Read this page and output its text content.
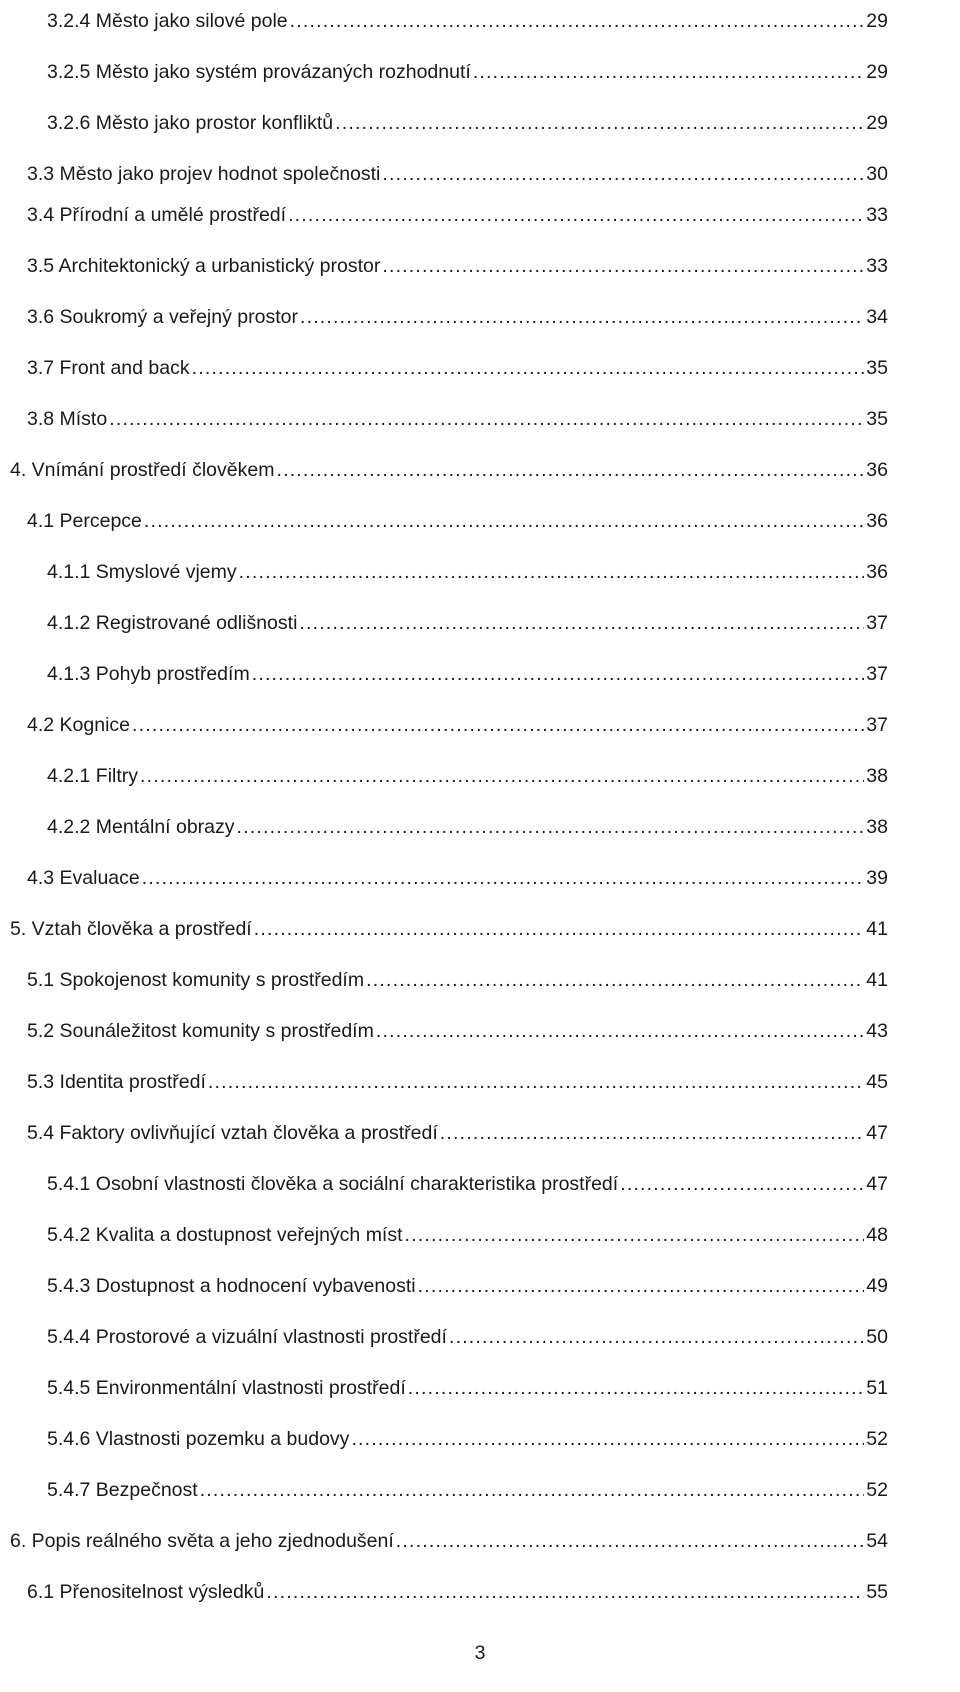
3.2.4 Město jako silové pole .....	29
3.2.5 Město jako systém provázaných rozhodnutí .....	29
3.2.6 Město jako prostor konfliktů .....	29
3.3 Město jako projev hodnot společnosti .....	30
3.4 Přírodní a umělé prostředí .....	33
3.5 Architektonický a urbanistický prostor .....	33
3.6 Soukromý a veřejný prostor .....	34
3.7 Front and back .....	35
3.8 Místo .....	35
4. Vnímání prostředí člověkem .....	36
4.1 Percepce .....	36
4.1.1 Smyslové vjemy .....	36
4.1.2 Registrované odlišnosti .....	37
4.1.3 Pohyb prostředím .....	37
4.2 Kognice .....	37
4.2.1 Filtry .....	38
4.2.2 Mentální obrazy .....	38
4.3 Evaluace .....	39
5. Vztah člověka a prostředí .....	41
5.1 Spokojenost komunity s prostředím .....	41
5.2 Sounáležitost komunity s prostředím .....	43
5.3 Identita prostředí .....	45
5.4 Faktory ovlivňující vztah člověka a prostředí .....	47
5.4.1 Osobní vlastnosti člověka a sociální charakteristika prostředí .....	47
5.4.2 Kvalita a dostupnost veřejných míst .....	48
5.4.3 Dostupnost a hodnocení vybavenosti .....	49
5.4.4 Prostorové a vizuální vlastnosti prostředí .....	50
5.4.5 Environmentální vlastnosti prostředí .....	51
5.4.6 Vlastnosti pozemku a budovy .....	52
5.4.7 Bezpečnost .....	52
6. Popis reálného světa a jeho zjednodušení .....	54
6.1 Přenositelnost výsledků .....	55
3
